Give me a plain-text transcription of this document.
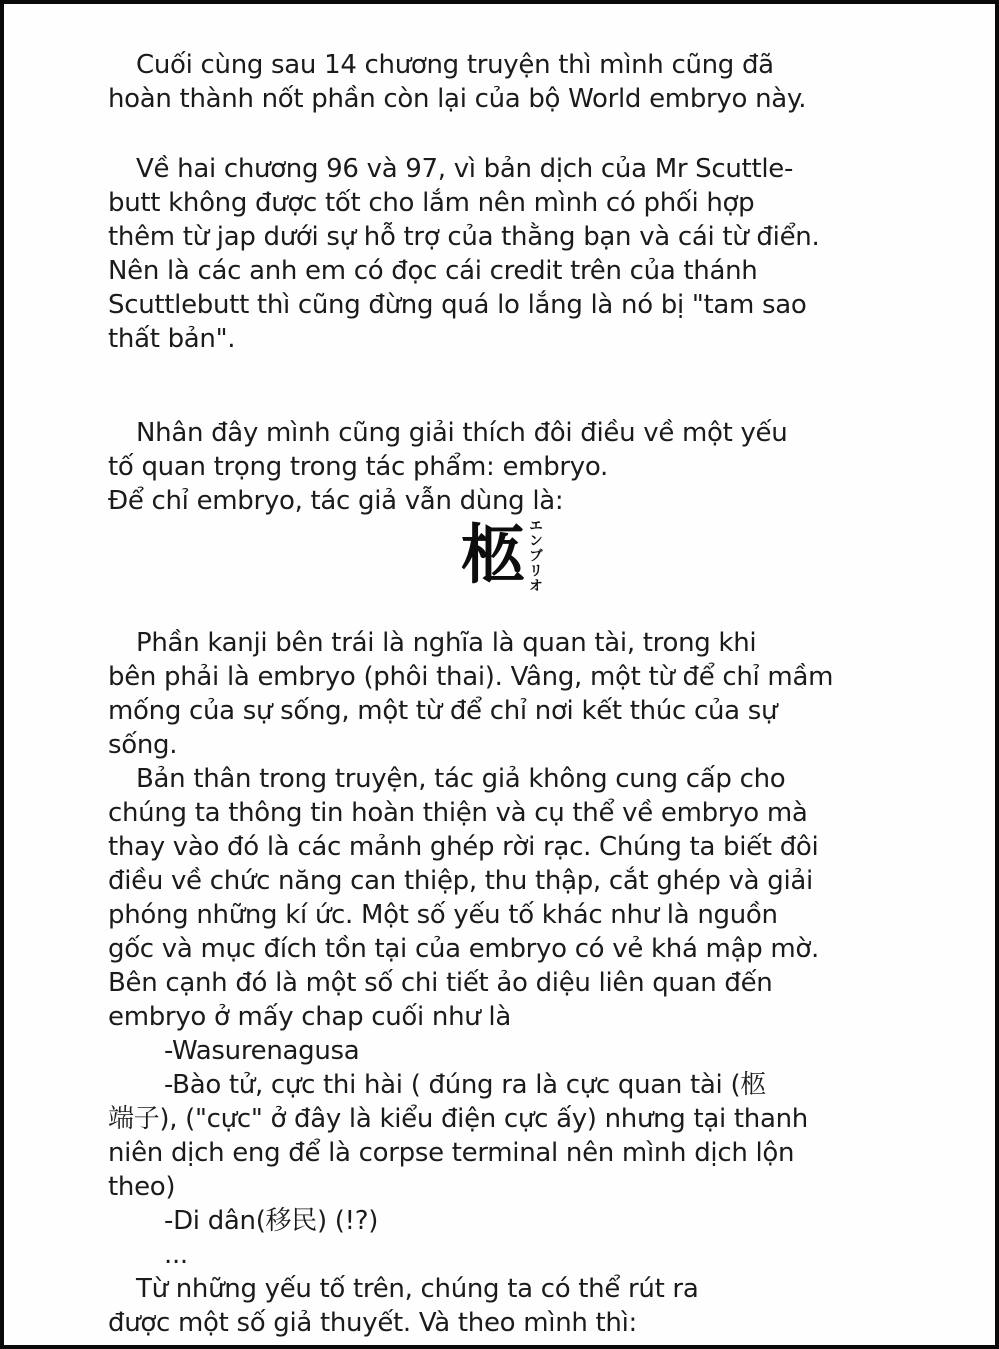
Cuối cùng sau 14 chương truyện thì mình cũng đã
hoàn thành nốt phần còn lại của bộ World embryo này.
Về hai chương 96 và 97, vì bản dịch của Mr Scuttle-
butt không được tốt cho lắm nên mình có phối hợp
thêm từ jap dưới sự hỗ trợ của thằng bạn và cái từ điển.
Nên là các anh em có đọc cái credit trên của thánh
Scuttlebutt thì cũng đừng quá lo lắng là nó bị "tam sao
thất bản".
Nhân đây mình cũng giải thích đôi điều về một yếu
tố quan trọng trong tác phẩm: embryo.
Để chỉ embryo, tác giả vẫn dùng là:
柩 エンブリオ
Phần kanji bên trái là nghĩa là quan tài, trong khi
bên phải là embryo (phôi thai). Vâng, một từ để chỉ mầm
mống của sự sống, một từ để chỉ nơi kết thúc của sự
sống.
Bản thân trong truyện, tác giả không cung cấp cho
chúng ta thông tin hoàn thiện và cụ thể về embryo mà
thay vào đó là các mảnh ghép rời rạc. Chúng ta biết đôi
điều về chức năng can thiệp, thu thập, cắt ghép và giải
phóng những kí ức. Một số yếu tố khác như là nguồn
gốc và mục đích tồn tại của embryo có vẻ khá mập mờ.
Bên cạnh đó là một số chi tiết ảo diệu liên quan đến
embryo ở mấy chap cuối như là
-Wasurenagusa
-Bào tử, cực thi hài ( đúng ra là cực quan tài (柩
端子), ("cực" ở đây là kiểu điện cực ấy) nhưng tại thanh
niên dịch eng để là corpse terminal nên mình dịch lộn
theo)
-Di dân(移民) (!?)
...
Từ những yếu tố trên, chúng ta có thể rút ra
được một số giả thuyết. Và theo mình thì:
